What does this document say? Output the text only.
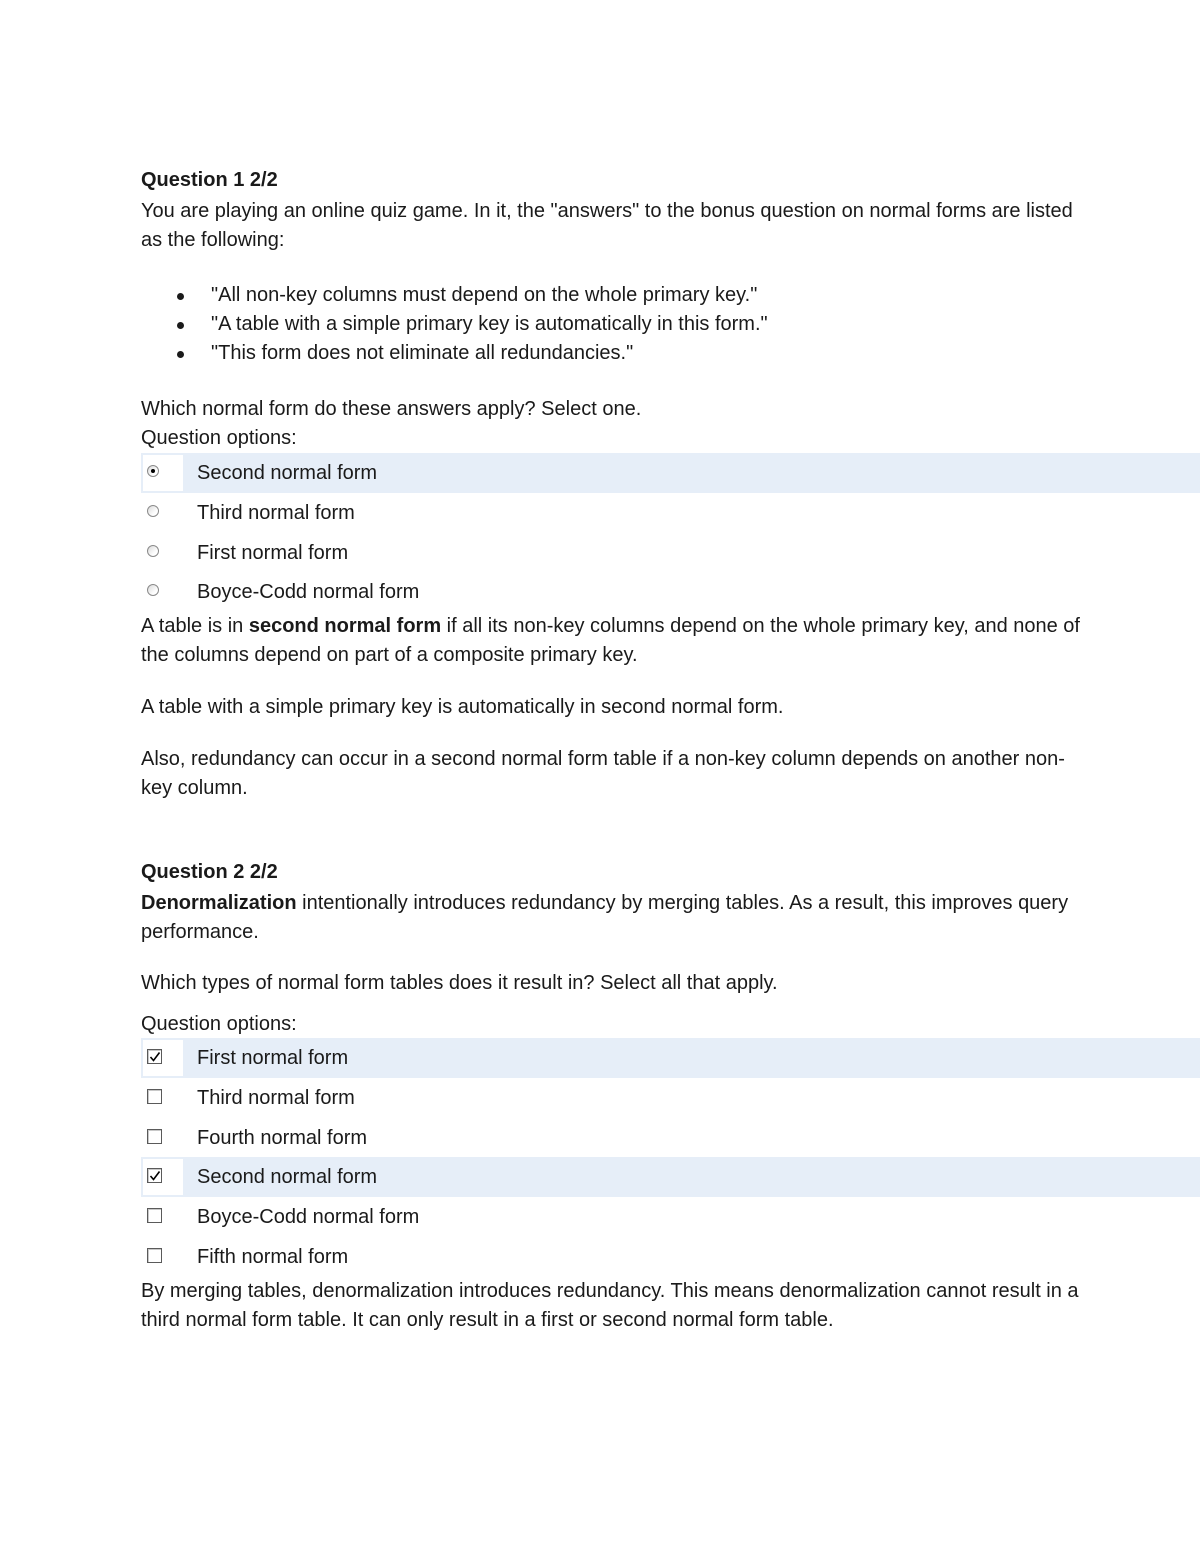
Question 1 2/2

You are playing an online quiz game. In it, the "answers" to the bonus question on normal forms are listed as the following:

"All non-key columns must depend on the whole primary key."
"A table with a simple primary key is automatically in this form."
"This form does not eliminate all redundancies."

Which normal form do these answers apply? Select one.

Question options:

Second normal form
Third normal form
First normal form
Boyce-Codd normal form

A table is in second normal form if all its non-key columns depend on the whole primary key, and none of the columns depend on part of a composite primary key.

A table with a simple primary key is automatically in second normal form.

Also, redundancy can occur in a second normal form table if a non-key column depends on another non-key column.

Question 2 2/2

Denormalization intentionally introduces redundancy by merging tables. As a result, this improves query performance.

Which types of normal form tables does it result in? Select all that apply.

Question options:

First normal form
Third normal form
Fourth normal form
Second normal form
Boyce-Codd normal form
Fifth normal form

By merging tables, denormalization introduces redundancy. This means denormalization cannot result in a third normal form table. It can only result in a first or second normal form table.
